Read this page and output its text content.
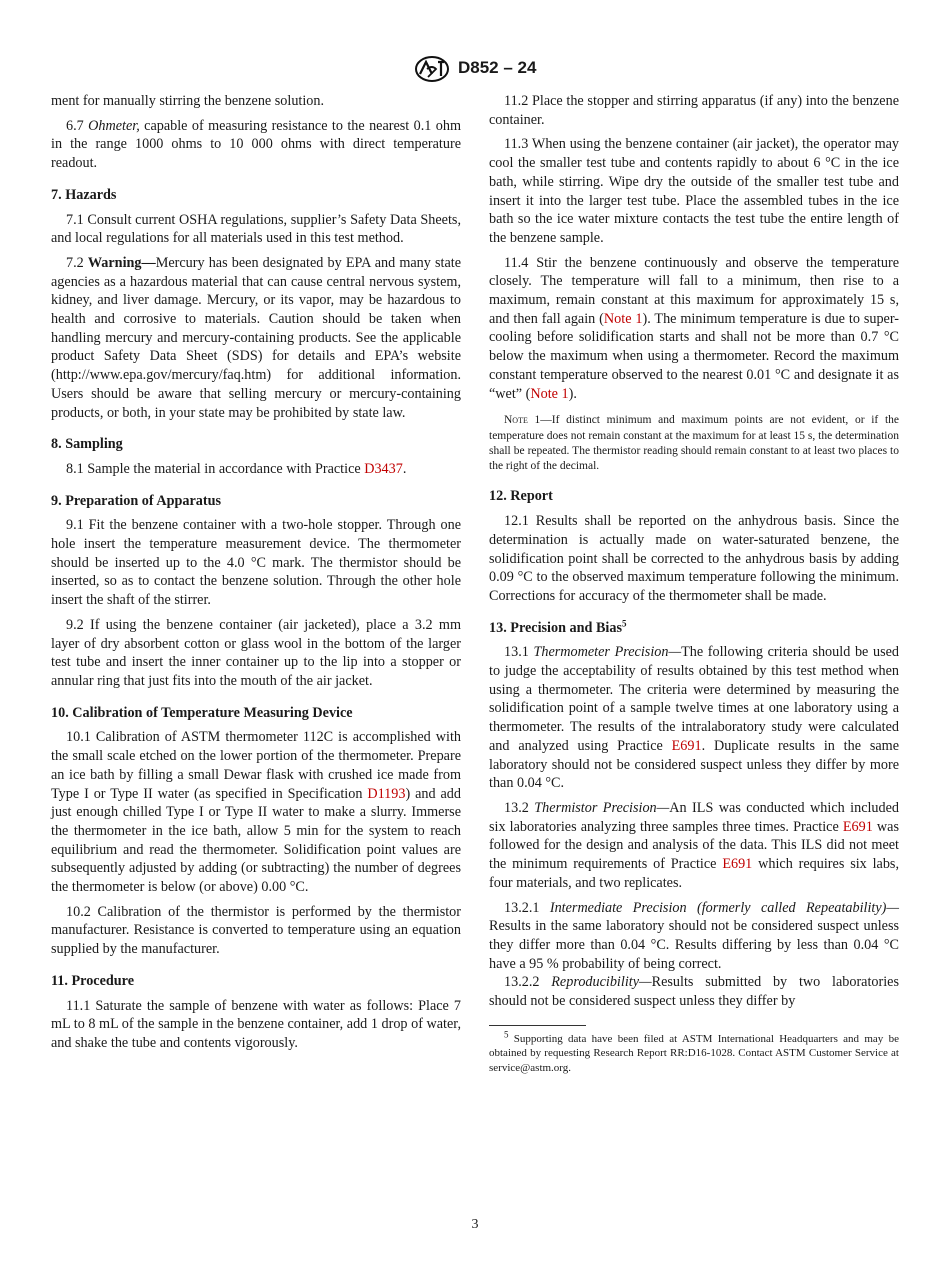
D852 – 24

ment for manually stirring the benzene solution.

6.7 Ohmeter, capable of measuring resistance to the nearest 0.1 ohm in the range 1000 ohms to 10 000 ohms with direct temperature readout.

7. Hazards

7.1 Consult current OSHA regulations, supplier’s Safety Data Sheets, and local regulations for all materials used in this test method.

7.2 Warning—Mercury has been designated by EPA and many state agencies as a hazardous material that can cause central nervous system, kidney, and liver damage. Mercury, or its vapor, may be hazardous to health and corrosive to materials. Caution should be taken when handling mercury and mercury-containing products. See the applicable product Safety Data Sheet (SDS) for details and EPA’s website (http://www.epa.gov/mercury/faq.htm) for additional information. Users should be aware that selling mercury or mercury-containing products, or both, in your state may be prohibited by state law.

8. Sampling

8.1 Sample the material in accordance with Practice D3437.

9. Preparation of Apparatus

9.1 Fit the benzene container with a two-hole stopper. Through one hole insert the temperature measurement device. The thermometer should be inserted up to the 4.0 °C mark. The thermistor should be inserted, so as to contact the benzene solution. Through the other hole insert the shaft of the stirrer.

9.2 If using the benzene container (air jacketed), place a 3.2 mm layer of dry absorbent cotton or glass wool in the bottom of the larger test tube and insert the inner container up to the lip into a stopper or annular ring that just fits into the mouth of the air jacket.

10. Calibration of Temperature Measuring Device

10.1 Calibration of ASTM thermometer 112C is accomplished with the small scale etched on the lower portion of the thermometer. Prepare an ice bath by filling a small Dewar flask with crushed ice made from Type I or Type II water (as specified in Specification D1193) and add just enough chilled Type I or Type II water to make a slurry. Immerse the thermometer in the ice bath, allow 5 min for the system to reach equilibrium and read the thermometer. Solidification point values are subsequently adjusted by adding (or subtracting) the number of degrees the thermometer is below (or above) 0.00 °C.

10.2 Calibration of the thermistor is performed by the thermistor manufacturer. Resistance is converted to temperature using an equation supplied by the manufacturer.

11. Procedure

11.1 Saturate the sample of benzene with water as follows: Place 7 mL to 8 mL of the sample in the benzene container, add 1 drop of water, and shake the tube and contents vigorously.

11.2 Place the stopper and stirring apparatus (if any) into the benzene container.

11.3 When using the benzene container (air jacket), the operator may cool the smaller test tube and contents rapidly to about 6 °C in the ice bath, while stirring. Wipe dry the outside of the smaller test tube and insert it into the larger test tube. Place the assembled tubes in the ice bath so the ice water mixture contacts the test tube the entire length of the benzene sample.

11.4 Stir the benzene continuously and observe the temperature closely. The temperature will fall to a minimum, then rise to a maximum, remain constant at this maximum for approximately 15 s, and then fall again (Note 1). The minimum temperature is due to super-cooling before solidification starts and shall not be more than 0.7 °C below the maximum when using a thermometer. Record the maximum constant temperature observed to the nearest 0.01 °C and designate it as “wet” (Note 1).

Note 1—If distinct minimum and maximum points are not evident, or if the temperature does not remain constant at the maximum for at least 15 s, the determination shall be repeated. The thermistor reading should remain constant to at least two places to the right of the decimal.
12. Report

12.1 Results shall be reported on the anhydrous basis. Since the determination is actually made on water-saturated benzene, the solidification point shall be corrected to the anhydrous basis by adding 0.09 °C to the observed maximum temperature following the minimum. Corrections for accuracy of the thermometer shall be made.

13. Precision and Bias$^5$

13.1 Thermometer Precision—The following criteria should be used to judge the acceptability of results obtained by this test method when using a thermometer. The criteria were determined by measuring the solidification point of a sample twelve times at one laboratory using a thermometer. The results of the intralaboratory study were calculated and analyzed using Practice E691. Duplicate results in the same laboratory should not be considered suspect unless they differ by more than 0.04 °C.

13.2 Thermistor Precision—An ILS was conducted which included six laboratories analyzing three samples three times. Practice E691 was followed for the design and analysis of the data. This ILS did not meet the minimum requirements of Practice E691 which requires six labs, four materials, and two replicates.

13.2.1 Intermediate Precision (formerly called Repeatability)—Results in the same laboratory should not be considered suspect unless they differ more than 0.04 °C. Results differing by less than 0.04 °C have a 95 % probability of being correct.

13.2.2 Reproducibility—Results submitted by two laboratories should not be considered suspect unless they differ by

$^5$ Supporting data have been filed at ASTM International Headquarters and may be obtained by requesting Research Report RR:D16-1028. Contact ASTM Customer Service at service@astm.org.

3
